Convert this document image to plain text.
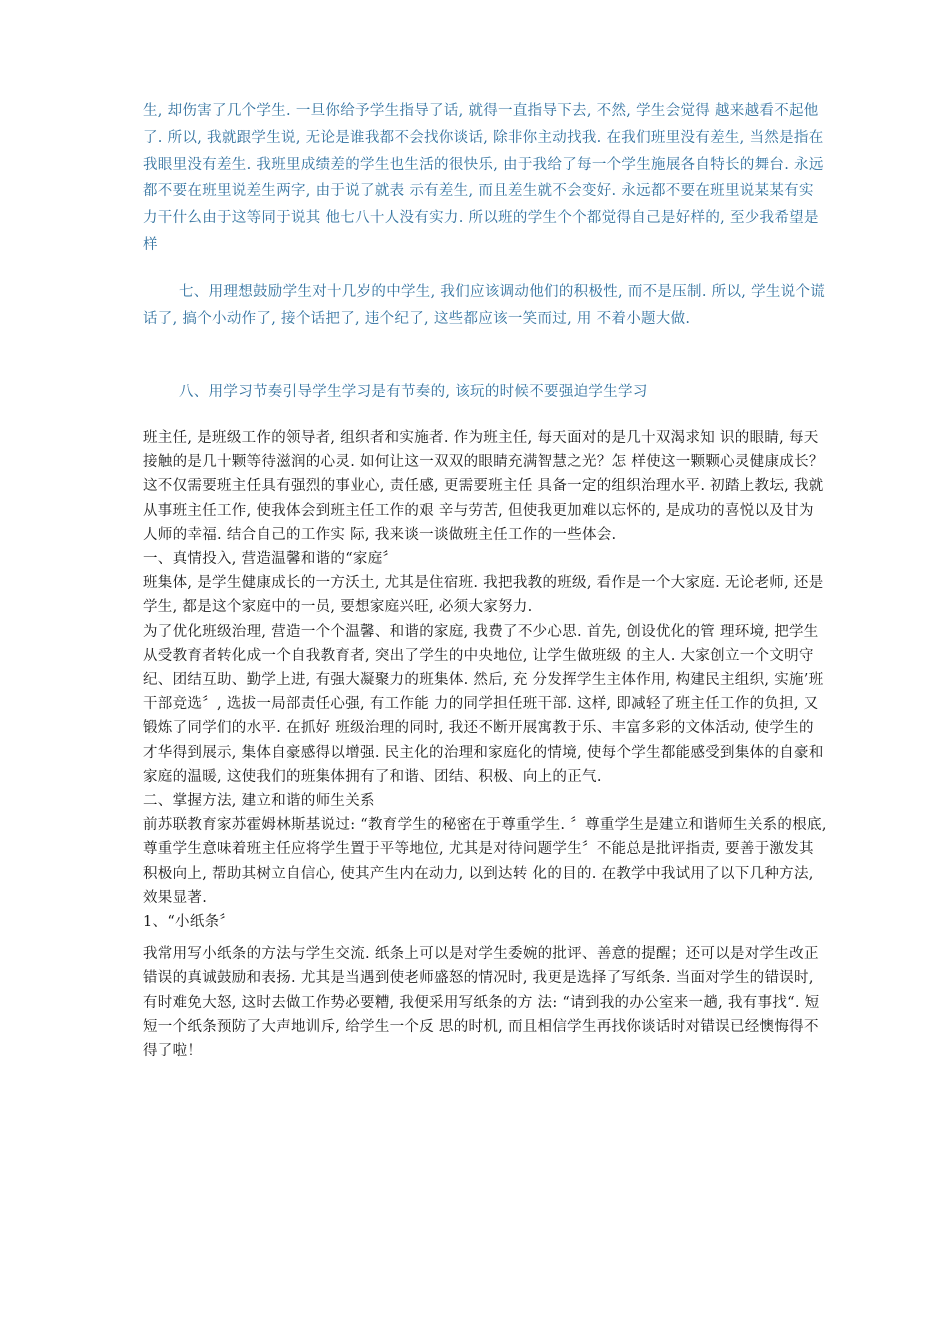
生, 却伤害了几个学生. 一旦你给予学生指导了话, 就得一直指导下去, 不然, 学生会觉得 越来越看不起他了. 所以, 我就跟学生说, 无论是谁我都不会找你谈话, 除非你主动找我. 在我们班里没有差生, 当然是指在我眼里没有差生. 我班里成绩差的学生也生活的很快乐, 由于我给了每一个学生施展各自特长的舞台. 永远都不要在班里说差生两字, 由于说了就表 示有差生, 而且差生就不会变好. 永远都不要在班里说某某有实力干什么由于这等同于说其 他七八十人没有实力. 所以班的学生个个都觉得自己是好样的, 至少我希望是样

七、用理想鼓励学生对十几岁的中学生, 我们应该调动他们的积极性, 而不是压制. 所以, 学生说个谎话了, 搞个小动作了, 接个话把了, 违个纪了, 这些都应该一笑而过, 用 不着小题大做.

八、用学习节奏引导学生学习是有节奏的, 该玩的时候不要强迫学生学习

班主任, 是班级工作的领导者, 组织者和实施者. 作为班主任, 每天面对的是几十双渴求知 识的眼睛, 每天接触的是几十颗等待滋润的心灵. 如何让这一双双的眼睛充满智慧之光？怎 样使这一颗颗心灵健康成长？这不仅需要班主任具有强烈的事业心, 责任感, 更需要班主任 具备一定的组织治理水平. 初踏上教坛, 我就从事班主任工作, 使我体会到班主任工作的艰 辛与劳苦, 但使我更加难以忘怀的, 是成功的喜悦以及甘为人师的幸福. 结合自己的工作实 际, 我来谈一谈做班主任工作的一些体会.

一、真情投入, 营造温馨和谐的“家庭〞

班集体, 是学生健康成长的一方沃土, 尤其是住宿班. 我把我教的班级, 看作是一个大家庭. 无论老师, 还是学生, 都是这个家庭中的一员, 要想家庭兴旺, 必须大家努力.

为了优化班级治理, 营造一个个温馨、和谐的家庭, 我费了不少心思. 首先, 创设优化的管 理环境, 把学生从受教育者转化成一个自我教育者, 突出了学生的中央地位, 让学生做班级 的主人. 大家创立一个文明守纪、团结互助、勤学上进, 有强大凝聚力的班集体. 然后, 充 分发挥学生主体作用, 构建民主组织, 实施’班干部竞选〞, 选拔一局部责任心强, 有工作能 力的同学担任班干部. 这样, 即减轻了班主任工作的负担, 又锻炼了同学们的水平. 在抓好 班级治理的同时, 我还不断开展寓教于乐、丰富多彩的文体活动, 使学生的才华得到展示, 集体自豪感得以增强. 民主化的治理和家庭化的情境, 使每个学生都能感受到集体的自豪和 家庭的温暖, 这使我们的班集体拥有了和谐、团结、积极、向上的正气.

二、掌握方法, 建立和谐的师生关系

前苏联教育家苏霍姆林斯基说过: “教育学生的秘密在于尊重学生. 〞尊重学生是建立和谐师生关系的根底, 尊重学生意味着班主任应将学生置于平等地位, 尤其是对待问题学生〞不能总是批评指责, 要善于激发其积极向上, 帮助其树立自信心, 使其产生内在动力, 以到达转 化的目的. 在教学中我试用了以下几种方法, 效果显著.

1、“小纸条〞

我常用写小纸条的方法与学生交流. 纸条上可以是对学生委婉的批评、善意的提醒；还可以是对学生改正错误的真诚鼓励和表扬. 尤其是当遇到使老师盛怒的情况时, 我更是选择了写纸条. 当面对学生的错误时, 有时难免大怒, 这时去做工作势必要糟, 我便采用写纸条的方 法: “请到我的办公室来一趟, 我有事找“. 短短一个纸条预防了大声地训斥, 给学生一个反 思的时机, 而且相信学生再找你谈话时对错误已经懊悔得不得了啦！
